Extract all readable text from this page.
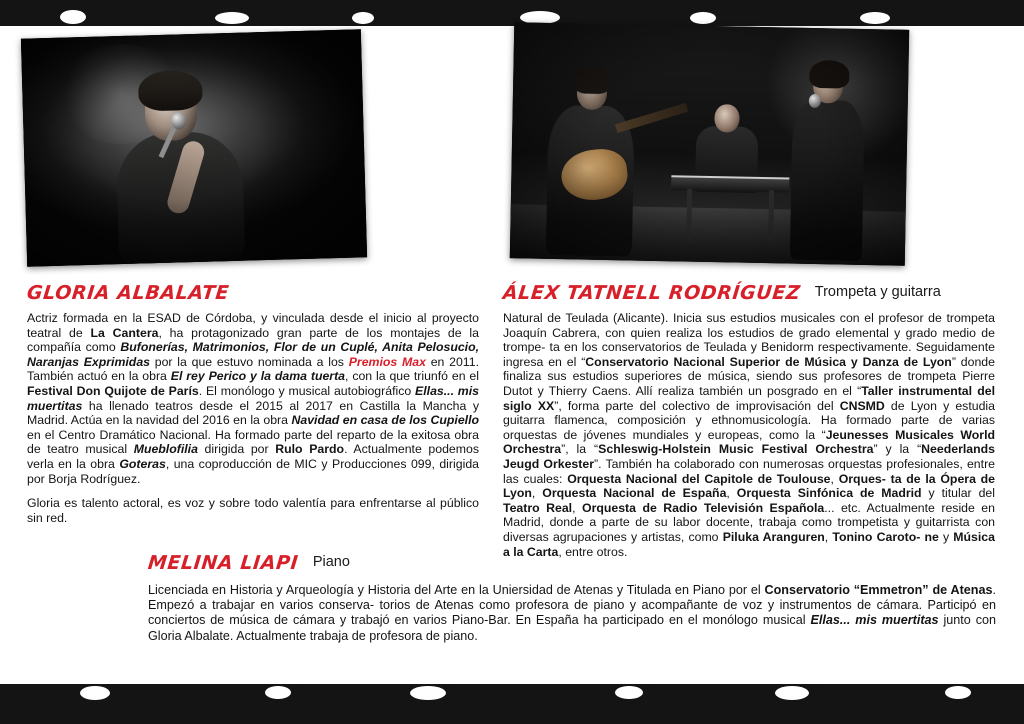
GLORIA ALBALATE

Actriz formada en la ESAD de Córdoba, y vinculada desde el inicio al proyecto teatral de La Cantera, ha protagonizado gran parte de los montajes de la compañía como Bufonerías, Matrimonios, Flor de un Cuplé, Anita Pelosucio, Naranjas Exprimidas por la que estuvo nominada a los Premios Max en 2011. También actuó en la obra El rey Perico y la dama tuerta, con la que triunfó en el Festival Don Quijote de París. El monólogo y musical autobiográfico Ellas... mis muertitas ha llenado teatros desde el 2015 al 2017 en Castilla la Mancha y Madrid. Actúa en la navidad del 2016 en la obra Navidad en casa de los Cupiello en el Centro Dramático Nacional. Ha formado parte del reparto de la exitosa obra de teatro musical Mueblofilia dirigida por Rulo Pardo. Actualmente podemos verla en la obra Goteras, una coproducción de MIC y Producciones 099, dirigida por Borja Rodríguez.

Gloria es talento actoral, es voz y sobre todo valentía para enfrentarse al público sin red.

ÁLEX TATNELL RODRÍGUEZ Trompeta y guitarra

Natural de Teulada (Alicante). Inicia sus estudios musicales con el profesor de trompeta Joaquín Cabrera, con quien realiza los estudios de grado elemental y grado medio de trompe- ta en los conservatorios de Teulada y Benidorm respectivamente. Seguidamente ingresa en el “Conservatorio Nacional Superior de Música y Danza de Lyon” donde finaliza sus estudios superiores de música, siendo sus profesores de trompeta Pierre Dutot y Thierry Caens. Allí realiza también un posgrado en el “Taller instrumental del siglo XX”, forma parte del colectivo de improvisación del CNSMD de Lyon y estudia guitarra flamenca, composición y ethnomusicología. Ha formado parte de varias orquestas de jóvenes mundiales y europeas, como la “Jeunesses Musicales World Orchestra”, la “Schleswig-Holstein Music Festival Orchestra” y la “Neederlands Jeugd Orkester”. También ha colaborado con numerosas orquestas profesionales, entre las cuales: Orquesta Nacional del Capitole de Toulouse, Orques- ta de la Ópera de Lyon, Orquesta Nacional de España, Orquesta Sinfónica de Madrid y titular del Teatro Real, Orquesta de Radio Televisión Española... etc. Actualmente reside en Madrid, donde a parte de su labor docente, trabaja como trompetista y guitarrista con diversas agrupaciones y artistas, como Piluka Aranguren, Tonino Caroto- ne y Música a la Carta, entre otros.

MELINA LIAPI Piano

Licenciada en Historia y Arqueología y Historia del Arte en la Uniersidad de Atenas y Titulada en Piano por el Conservatorio “Emmetron” de Atenas. Empezó a trabajar en varios conserva- torios de Atenas como profesora de piano y acompañante de voz y instrumentos de cámara. Participó en conciertos de música de cámara y trabajó en varios Piano-Bar. En España ha participado en el monólogo musical Ellas... mis muertitas junto con Gloria Albalate. Actualmente trabaja de profesora de piano.
